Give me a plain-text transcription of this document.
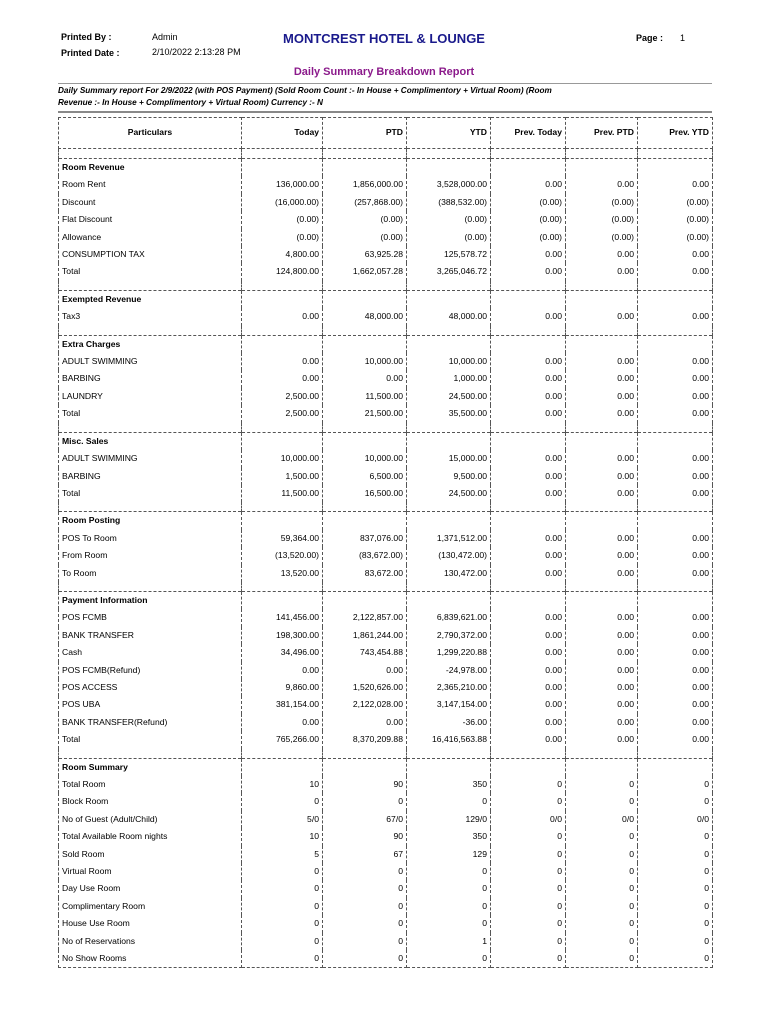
Printed By :	Admin
Printed Date :	2/10/2022 2:13:28 PM
MONTCREST HOTEL & LOUNGE	Page : 1
Daily Summary Breakdown Report
Daily Summary report For 2/9/2022 (with POS Payment) (Sold Room Count :- In House + Complimentory + Virtual Room) (Room
Revenue :- In House + Complimentory + Virtual Room) Currency :- N
Particulars	Today	PTD	YTD	Prev. Today	Prev. PTD	Prev. YTD

Room Revenue						
Room Rent	136,000.00	1,856,000.00	3,528,000.00	0.00	0.00	0.00
Discount	(16,000.00)	(257,868.00)	(388,532.00)	(0.00)	(0.00)	(0.00)
Flat Discount	(0.00)	(0.00)	(0.00)	(0.00)	(0.00)	(0.00)
Allowance	(0.00)	(0.00)	(0.00)	(0.00)	(0.00)	(0.00)
CONSUMPTION TAX	4,800.00	63,925.28	125,578.72	0.00	0.00	0.00
Total	124,800.00	1,662,057.28	3,265,046.72	0.00	0.00	0.00

Exempted Revenue						
Tax3	0.00	48,000.00	48,000.00	0.00	0.00	0.00

Extra Charges						
ADULT SWIMMING	0.00	10,000.00	10,000.00	0.00	0.00	0.00
BARBING	0.00	0.00	1,000.00	0.00	0.00	0.00
LAUNDRY	2,500.00	11,500.00	24,500.00	0.00	0.00	0.00
Total	2,500.00	21,500.00	35,500.00	0.00	0.00	0.00

Misc. Sales						
ADULT SWIMMING	10,000.00	10,000.00	15,000.00	0.00	0.00	0.00
BARBING	1,500.00	6,500.00	9,500.00	0.00	0.00	0.00
Total	11,500.00	16,500.00	24,500.00	0.00	0.00	0.00

Room Posting						
POS To Room	59,364.00	837,076.00	1,371,512.00	0.00	0.00	0.00
From Room	(13,520.00)	(83,672.00)	(130,472.00)	0.00	0.00	0.00
To Room	13,520.00	83,672.00	130,472.00	0.00	0.00	0.00

Payment Information						
POS FCMB	141,456.00	2,122,857.00	6,839,621.00	0.00	0.00	0.00
BANK TRANSFER	198,300.00	1,861,244.00	2,790,372.00	0.00	0.00	0.00
Cash	34,496.00	743,454.88	1,299,220.88	0.00	0.00	0.00
POS FCMB(Refund)	0.00	0.00	-24,978.00	0.00	0.00	0.00
POS ACCESS	9,860.00	1,520,626.00	2,365,210.00	0.00	0.00	0.00
POS UBA	381,154.00	2,122,028.00	3,147,154.00	0.00	0.00	0.00
BANK TRANSFER(Refund)	0.00	0.00	-36.00	0.00	0.00	0.00
Total	765,266.00	8,370,209.88	16,416,563.88	0.00	0.00	0.00

Room Summary						
Total Room	10	90	350	0	0	0
Block Room	0	0	0	0	0	0
No of Guest (Adult/Child)	5/0	67/0	129/0	0/0	0/0	0/0
Total Available Room nights	10	90	350	0	0	0
Sold Room	5	67	129	0	0	0
Virtual Room	0	0	0	0	0	0
Day Use Room	0	0	0	0	0	0
Complimentary Room	0	0	0	0	0	0
House Use Room	0	0	0	0	0	0
No of Reservations	0	0	1	0	0	0
No Show Rooms	0	0	0	0	0	0
